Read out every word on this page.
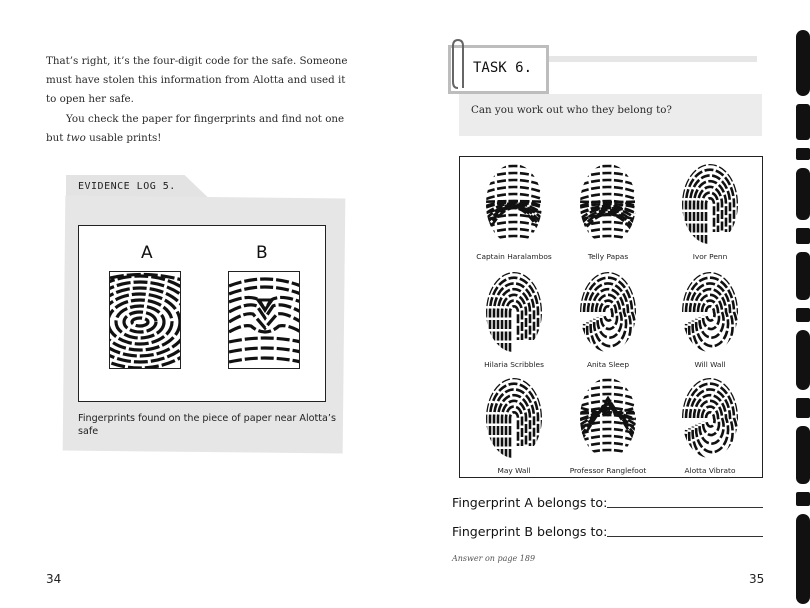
That’s right, it’s the four-digit code for the safe. Someone must have stolen this information from Alotta and used it to open her safe.

You check the paper for fingerprints and find not one but two usable prints!

EVIDENCE LOG 5.
A	B
Fingerprints found on the piece of paper near Alotta’s safe
34
TASK 6.
Can you work out who they belong to?
Captain Haralambos	Telly Papas	Ivor Penn
Hilaria Scribbles	Anita Sleep	Will Wall
May Wall	Professor Ranglefoot	Alotta Vibrato
Fingerprint A belongs to:
Fingerprint B belongs to:
Answer on page 189
35
